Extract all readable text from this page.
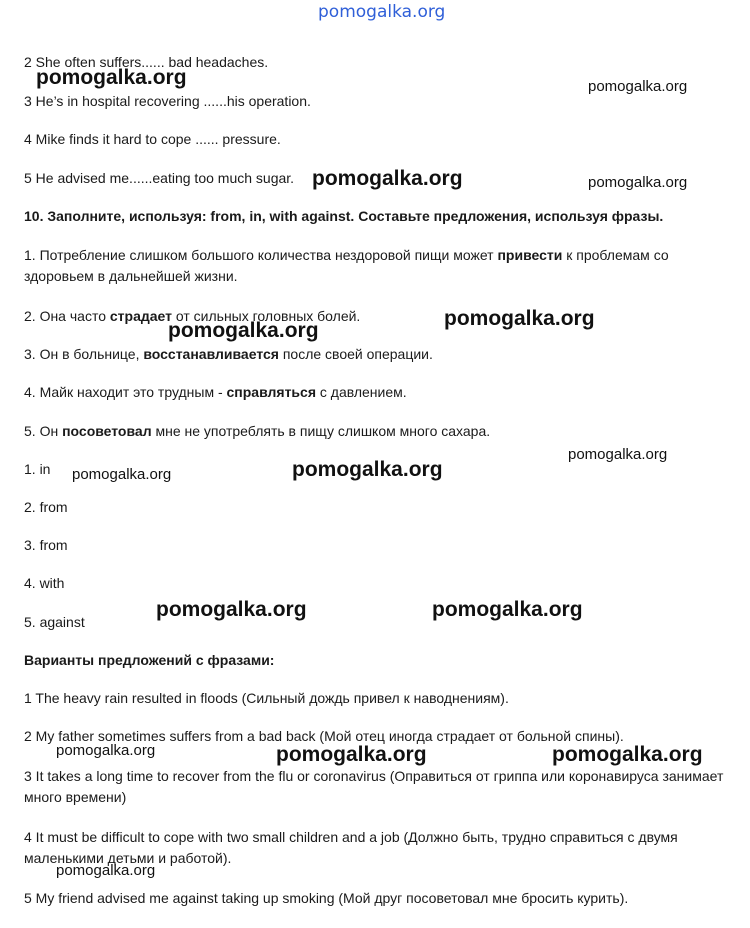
pomogalka.org
2 She often suffers...... bad headaches.
3 He’s in hospital recovering ......his operation.
4 Mike finds it hard to cope ...... pressure.
5 He advised me......eating too much sugar.
10. Заполните, используя: from, in, with against. Составьте предложения, используя фразы.
1. Потребление слишком большого количества нездоровой пищи может привести к проблемам со здоровьем в дальнейшей жизни.
2. Она часто страдает от сильных головных болей.
3. Он в больнице, восстанавливается после своей операции.
4. Майк находит это трудным - справляться с давлением.
5. Он посоветовал мне не употреблять в пищу слишком много сахара.
1. in
2. from
3. from
4. with
5. against
Варианты предложений с фразами:
1 The heavy rain resulted in floods (Сильный дождь привел к наводнениям).
2 My father sometimes suffers from a bad back (Мой отец иногда страдает от больной спины).
3 It takes a long time to recover from the flu or coronavirus (Оправиться от гриппа или коронавируса занимает много времени)
4 It must be difficult to cope with two small children and a job (Должно быть, трудно справиться с двумя маленькими детьми и работой).
5 My friend advised me against taking up smoking (Мой друг посоветовал мне бросить курить).
pomogalka.org	pomogalka.org
pomogalka.org	pomogalka.org
pomogalka.org
pomogalka.org
pomogalka.org
pomogalka.org
pomogalka.org
pomogalka.org	pomogalka.org
pomogalka.org	pomogalka.org	pomogalka.org
pomogalka.org
